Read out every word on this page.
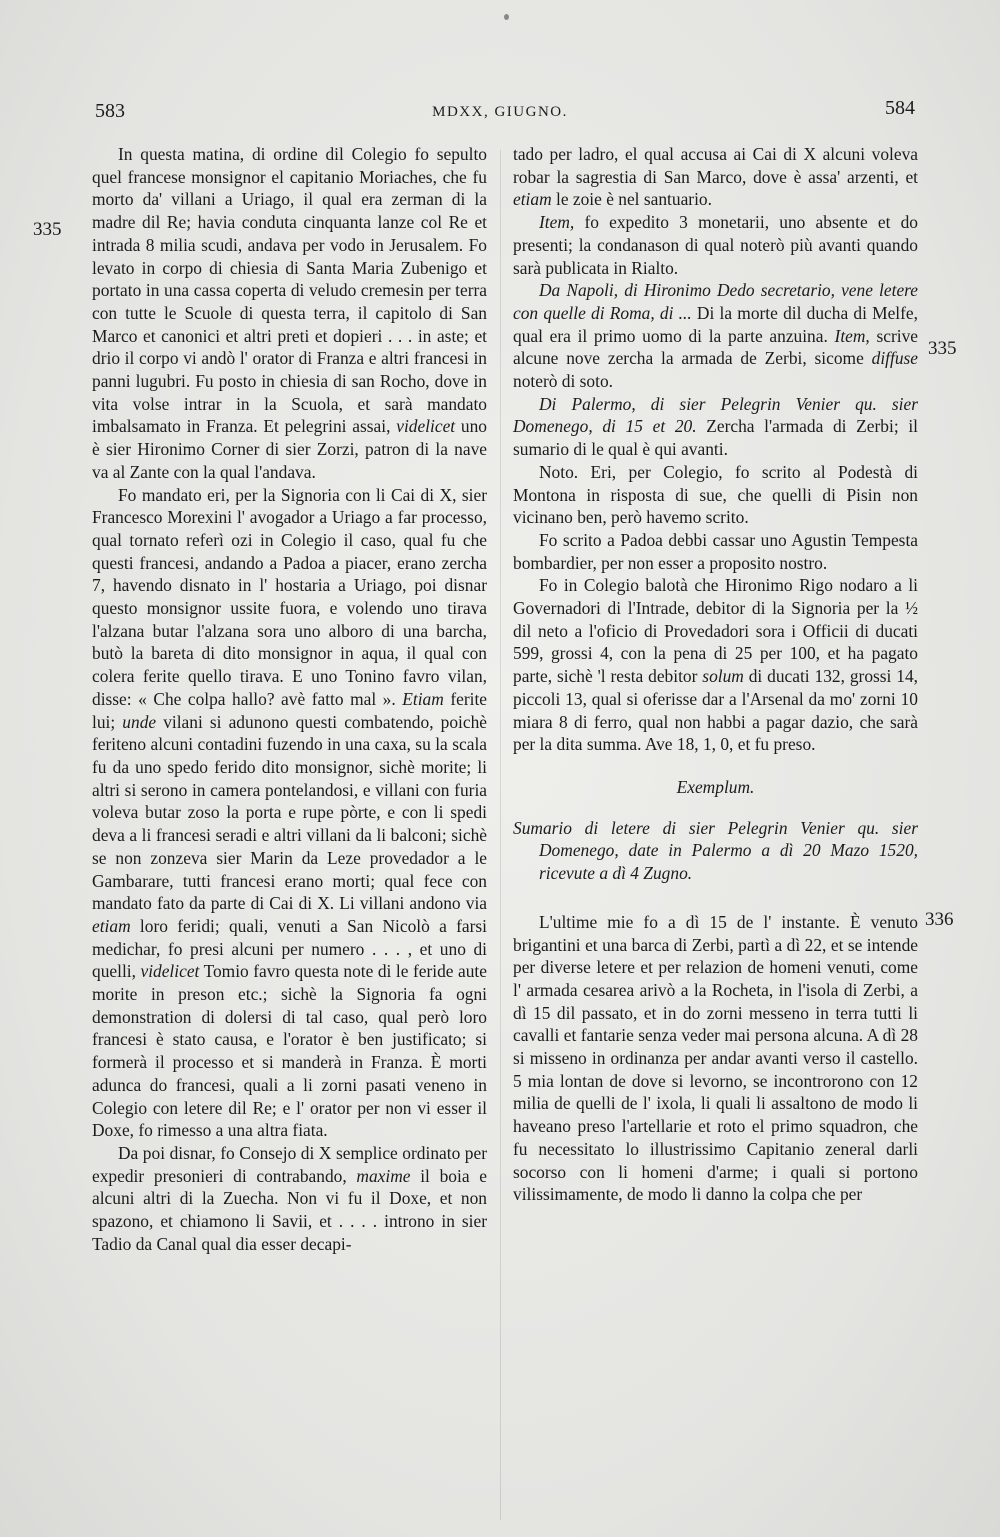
583	MDXX, GIUGNO.	584
335
335
336

In questa matina, di ordine dil Colegio fo sepulto quel francese monsignor el capitanio Moriaches, che fu morto da' villani a Uriago, il qual era zerman di la madre dil Re; havia conduta cinquanta lanze col Re et intrada 8 milia scudi, andava per vodo in Jerusalem. Fo levato in corpo di chiesia di Santa Maria Zubenigo et portato in una cassa coperta di veludo cremesin per terra con tutte le Scuole di questa terra, il capitolo di San Marco et canonici et altri preti et dopieri . . . in aste; et drio il corpo vi andò l' orator di Franza e altri francesi in panni lugubri. Fu posto in chiesia di san Rocho, dove in vita volse intrar in la Scuola, et sarà mandato imbalsamato in Franza. Et pelegrini assai, videlicet uno è sier Hironimo Corner di sier Zorzi, patron di la nave va al Zante con la qual l'andava.

Fo mandato eri, per la Signoria con li Cai di X, sier Francesco Morexini l' avogador a Uriago a far processo, qual tornato referì ozi in Colegio il caso, qual fu che questi francesi, andando a Padoa a piacer, erano zercha 7, havendo disnato in l' hostaria a Uriago, poi disnar questo monsignor ussite fuora, e volendo uno tirava l'alzana butar l'alzana sora uno alboro di una barcha, butò la bareta di dito monsignor in aqua, il qual con colera ferite quello tirava. E uno Tonino favro vilan, disse: « Che colpa hallo? avè fatto mal ». Etiam ferite lui; unde vilani si adunono questi combatendo, poichè feriteno alcuni contadini fuzendo in una caxa, su la scala fu da uno spedo ferido dito monsignor, sichè morite; li altri si serono in camera pontelandosi, e villani con furia voleva butar zoso la porta e rupe pòrte, e con li spedi deva a li francesi seradi e altri villani da li balconi; sichè se non zonzeva sier Marin da Leze provedador a le Gambarare, tutti francesi erano morti; qual fece con mandato fato da parte di Cai di X. Li villani andono via etiam loro feridi; quali, venuti a San Nicolò a farsi medichar, fo presi alcuni per numero . . . , et uno di quelli, videlicet Tomio favro questa note di le feride aute morite in preson etc.; sichè la Signoria fa ogni demonstration di dolersi di tal caso, qual però loro francesi è stato causa, e l'orator è ben justificato; si formerà il processo et si manderà in Franza. È morti adunca do francesi, quali a li zorni pasati veneno in Colegio con letere dil Re; e l' orator per non vi esser il Doxe, fo rimesso a una altra fiata.

Da poi disnar, fo Consejo di X semplice ordinato per expedir presonieri di contrabando, maxime il boia e alcuni altri di la Zuecha. Non vi fu il Doxe, et non spazono, et chiamono li Savii, et . . . . introno in sier Tadio da Canal qual dia esser decapi-

tado per ladro, el qual accusa ai Cai di X alcuni voleva robar la sagrestia di San Marco, dove è assa' arzenti, et etiam le zoie è nel santuario.

Item, fo expedito 3 monetarii, uno absente et do presenti; la condanason di qual noterò più avanti quando sarà publicata in Rialto.

Da Napoli, di Hironimo Dedo secretario, vene letere con quelle di Roma, di ... Di la morte dil ducha di Melfe, qual era il primo uomo di la parte anzuina. Item, scrive alcune nove zercha la armada de Zerbi, sicome diffuse noterò di soto.

Di Palermo, di sier Pelegrin Venier qu. sier Domenego, di 15 et 20. Zercha l'armada di Zerbi; il sumario di le qual è qui avanti.

Noto. Eri, per Colegio, fo scrito al Podestà di Montona in risposta di sue, che quelli di Pisin non vicinano ben, però havemo scrito.

Fo scrito a Padoa debbi cassar uno Agustin Tempesta bombardier, per non esser a proposito nostro.

Fo in Colegio balotà che Hironimo Rigo nodaro a li Governadori di l'Intrade, debitor di la Signoria per la ½ dil neto a l'oficio di Provedadori sora i Officii di ducati 599, grossi 4, con la pena di 25 per 100, et ha pagato parte, sichè 'l resta debitor solum di ducati 132, grossi 14, piccoli 13, qual si oferisse dar a l'Arsenal da mo' zorni 10 miara 8 di ferro, qual non habbi a pagar dazio, che sarà per la dita summa. Ave 18, 1, 0, et fu preso.

Exemplum.

Sumario di letere di sier Pelegrin Venier qu. sier Domenego, date in Palermo a dì 20 Mazo 1520, ricevute a dì 4 Zugno.

L'ultime mie fo a dì 15 de l' instante. È venuto brigantini et una barca di Zerbi, partì a dì 22, et se intende per diverse letere et per relazion de homeni venuti, come l' armada cesarea arivò a la Rocheta, in l'isola di Zerbi, a dì 15 dil passato, et in do zorni messeno in terra tutti li cavalli et fantarie senza veder mai persona alcuna. A dì 28 si misseno in ordinanza per andar avanti verso il castello. 5 mia lontan de dove si levorno, se incontrorono con 12 milia de quelli de l' ixola, li quali li assaltono de modo li haveano preso l'artellarie et roto el primo squadron, che fu necessitato lo illustrissimo Capitanio zeneral darli socorso con li homeni d'arme; i quali si portono vilissimamente, de modo li danno la colpa che per
